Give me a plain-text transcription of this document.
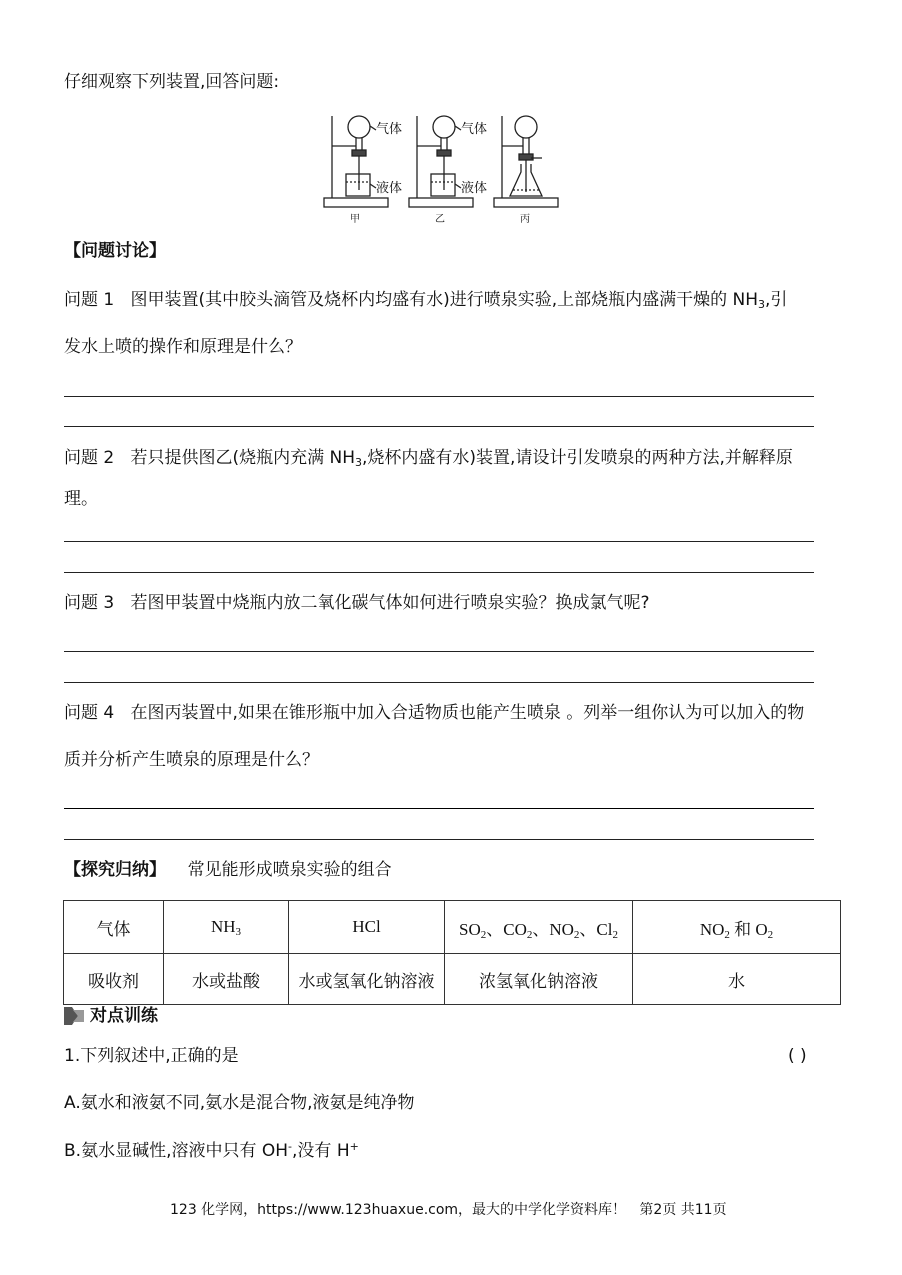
仔细观察下列装置,回答问题:
气体	气体
液体	液体
甲	乙	丙
【问题讨论】
问题 1 图甲装置(其中胶头滴管及烧杯内均盛有水)进行喷泉实验,上部烧瓶内盛满干燥的 $NH_3$,引
发水上喷的操作和原理是什么？
问题 2 若只提供图乙(烧瓶内充满 $NH_3$,烧杯内盛有水)装置,请设计引发喷泉的两种方法,并解释原
理。
问题 3 若图甲装置中烧瓶内放二氧化碳气体如何进行喷泉实验？换成氯气呢?
问题 4 在图丙装置中,如果在锥形瓶中加入合适物质也能产生喷泉 。列举一组你认为可以加入的物
质并分析产生喷泉的原理是什么？
【探究归纳】 常见能形成喷泉实验的组合
气体	$NH_3$	HCl	$SO_2$、$CO_2$、$NO_2$、$Cl_2$	$NO_2$ 和 $O_2$
吸收剂	水或盐酸	水或氢氧化钠溶液	浓氢氧化钠溶液	水
对点训练
1.下列叙述中,正确的是	( )
A.氨水和液氨不同,氨水是混合物,液氨是纯净物
B.氨水显碱性,溶液中只有 OH-,没有 H+
123 化学网，https://www.123huaxue.com，最大的中学化学资料库！ 第2页 共11页
